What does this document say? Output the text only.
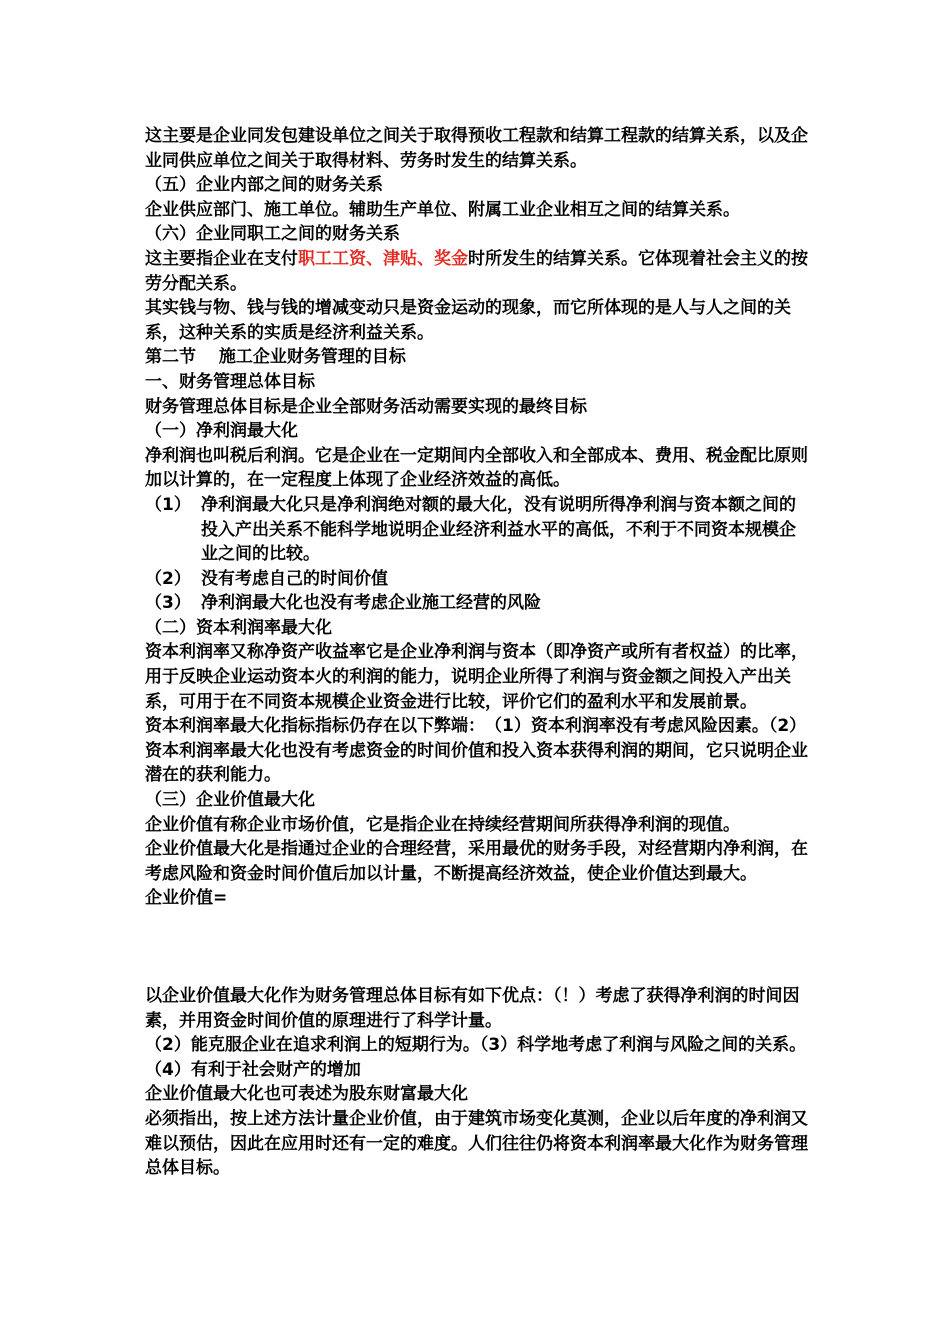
这主要是企业同发包建设单位之间关于取得预收工程款和结算工程款的结算关系，以及企业同供应单位之间关于取得材料、劳务时发生的结算关系。

（五）企业内部之间的财务关系

企业供应部门、施工单位。辅助生产单位、附属工业企业相互之间的结算关系。

（六）企业同职工之间的财务关系

这主要指企业在支付职工工资、津贴、奖金时所发生的结算关系。它体现着社会主义的按劳分配关系。

其实钱与物、钱与钱的增减变动只是资金运动的现象，而它所体现的是人与人之间的关系，这种关系的实质是经济利益关系。

第二节　 施工企业财务管理的目标

一、财务管理总体目标

财务管理总体目标是企业全部财务活动需要实现的最终目标

（一）净利润最大化

净利润也叫税后利润。它是企业在一定期间内全部收入和全部成本、费用、税金配比原则加以计算的，在一定程度上体现了企业经济效益的高低。

（1） 净利润最大化只是净利润绝对额的最大化，没有说明所得净利润与资本额之间的投入产出关系不能科学地说明企业经济利益水平的高低，不利于不同资本规模企业之间的比较。
（2） 没有考虑自己的时间价值
（3） 净利润最大化也没有考虑企业施工经营的风险

（二）资本利润率最大化

资本利润率又称净资产收益率它是企业净利润与资本（即净资产或所有者权益）的比率，用于反映企业运动资本火的利润的能力，说明企业所得了利润与资金额之间投入产出关系，可用于在不同资本规模企业资金进行比较，评价它们的盈利水平和发展前景。

资本利润率最大化指标指标仍存在以下弊端：　（1）资本利润率没有考虑风险因素。（2）资本利润率最大化也没有考虑资金的时间价值和投入资本获得利润的期间，它只说明企业潜在的获利能力。

（三）企业价值最大化

企业价值有称企业市场价值，它是指企业在持续经营期间所获得净利润的现值。

企业价值最大化是指通过企业的合理经营，采用最优的财务手段，对经营期内净利润，在考虑风险和资金时间价值后加以计量，不断提高经济效益，使企业价值达到最大。

企业价值=

以企业价值最大化作为财务管理总体目标有如下优点：（！）考虑了获得净利润的时间因素，并用资金时间价值的原理进行了科学计量。

（2）能克服企业在追求利润上的短期行为。（3）科学地考虑了利润与风险之间的关系。（4）有利于社会财产的增加

企业价值最大化也可表述为股东财富最大化

必须指出，按上述方法计量企业价值，由于建筑市场变化莫测，企业以后年度的净利润又难以预估，因此在应用时还有一定的难度。人们往往仍将资本利润率最大化作为财务管理总体目标。
